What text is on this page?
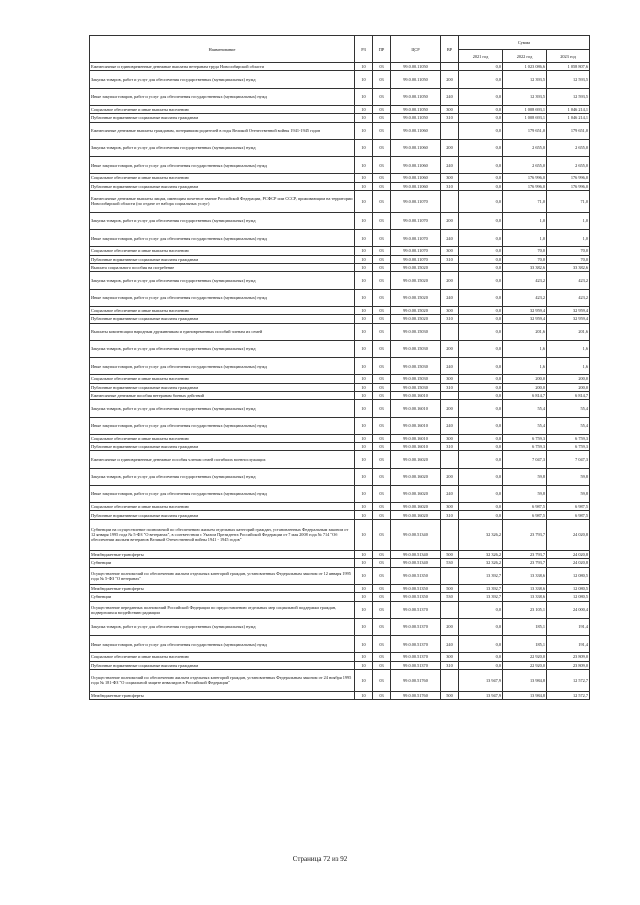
Наименование	РЗ	ПР	ЦСР	ВР	Сумма		
					2021 год	2022 год	2023 год
Ежемесячные и единовременные денежные выплаты ветеранам труда Новосибирской области	10	03	99.0.00.11050		0,0	1 023 086,6	1 058 807,6
Закупка товаров, работ и услуг для обеспечения государственных (муниципальных) нужд	10	03	99.0.00.11050	200	0,0	12 393,5	12 593,5
Иные закупки товаров, работ и услуг для обеспечения государственных (муниципальных) нужд	10	03	99.0.00.11050	240	0,0	12 393,5	12 593,5
Социальное обеспечение и иные выплаты населению	10	03	99.0.00.11050	300	0,0	1 008 693,1	1 046 214,1
Публичные нормативные социальные выплаты гражданам	10	03	99.0.00.11050	310	0,0	1 008 693,1	1 046 214,1
Ежемесячные денежные выплаты гражданам, потерявшим родителей в годы Великой Отечественной войны 1941-1945 годов	10	03	99.0.00.11060		0,0	179 651,0	179 651,0
Закупка товаров, работ и услуг для обеспечения государственных (муниципальных) нужд	10	03	99.0.00.11060	200	0,0	2 655,0	2 655,0
Иные закупки товаров, работ и услуг для обеспечения государственных (муниципальных) нужд	10	03	99.0.00.11060	240	0,0	2 655,0	2 655,0
Социальное обеспечение и иные выплаты населению	10	03	99.0.00.11060	300	0,0	176 996,0	176 996,0
Публичные нормативные социальные выплаты гражданам	10	03	99.0.00.11060	310	0,0	176 996,0	176 996,0
Ежемесячные денежные выплаты лицам, имеющим почетное звание Российской Федерации, РСФСР или СССР, проживающим на территории Новосибирской области (по отдаче от набора социальных услуг)	10	03	99.0.00.11070		0,0	71,0	71,0
Закупка товаров, работ и услуг для обеспечения государственных (муниципальных) нужд	10	03	99.0.00.11070	200	0,0	1,0	1,0
Иные закупки товаров, работ и услуг для обеспечения государственных (муниципальных) нужд	10	03	99.0.00.11070	240	0,0	1,0	1,0
Социальное обеспечение и иные выплаты населению	10	03	99.0.00.11070	300	0,0	70,0	70,0
Публичные нормативные социальные выплаты гражданам	10	03	99.0.00.11070	310	0,0	70,0	70,0
Выплата социального пособия на погребение	10	03	99.0.00.15020		0,0	33 382,6	33 382,6
Закупка товаров, работ и услуг для обеспечения государственных (муниципальных) нужд	10	03	99.0.00.15020	200	0,0	423,2	423,2
Иные закупки товаров, работ и услуг для обеспечения государственных (муниципальных) нужд	10	03	99.0.00.15020	240	0,0	423,2	423,2
Социальное обеспечение и иные выплаты населению	10	03	99.0.00.15020	300	0,0	32 959,4	32 959,4
Публичные нормативные социальные выплаты гражданам	10	03	99.0.00.15020	310	0,0	32 959,4	32 959,4
Выплаты компенсации народным дружинникам и единовременных пособий членам их семей	10	03	99.0.00.15030		0,0	201,6	201,6
Закупка товаров, работ и услуг для обеспечения государственных (муниципальных) нужд	10	03	99.0.00.15030	200	0,0	1,6	1,6
Иные закупки товаров, работ и услуг для обеспечения государственных (муниципальных) нужд	10	03	99.0.00.15030	240	0,0	1,6	1,6
Социальное обеспечение и иные выплаты населению	10	03	99.0.00.15030	300	0,0	200,0	200,0
Публичные нормативные социальные выплаты гражданам	10	03	99.0.00.15030	310	0,0	200,0	200,0
Ежемесячные денежные пособия ветеранам боевых действий	10	03	99.0.00.16010		0,0	6 814,7	6 814,7
Закупка товаров, работ и услуг для обеспечения государственных (муниципальных) нужд	10	03	99.0.00.16010	200	0,0	55,4	55,4
Иные закупки товаров, работ и услуг для обеспечения государственных (муниципальных) нужд	10	03	99.0.00.16010	240	0,0	55,4	55,4
Социальное обеспечение и иные выплаты населению	10	03	99.0.00.16010	300	0,0	6 759,3	6 759,3
Публичные нормативные социальные выплаты гражданам	10	03	99.0.00.16010	310	0,0	6 759,3	6 759,3
Ежемесячные и единовременные денежные пособия членам семей погибших военнослужащих	10	03	99.0.00.16020		0,0	7 047,3	7 047,3
Закупка товаров, работ и услуг для обеспечения государственных (муниципальных) нужд	10	03	99.0.00.16020	200	0,0	59,8	59,8
Иные закупки товаров, работ и услуг для обеспечения государственных (муниципальных) нужд	10	03	99.0.00.16020	240	0,0	59,8	59,8
Социальное обеспечение и иные выплаты населению	10	03	99.0.00.16020	300	0,0	6 987,5	6 987,5
Публичные нормативные социальные выплаты гражданам	10	03	99.0.00.16020	310	0,0	6 987,5	6 987,5
Субвенции на осуществление полномочий по обеспечению жильем отдельных категорий граждан, установленных Федеральным законом от 12 января 1995 года № 5-ФЗ "О ветеранах", в соответствии с Указом Президента Российской Федерации от 7 мая 2008 года № 714 "Об обеспечении жильем ветеранов Великой Отечественной войны 1941 - 1945 годов"	10	03	99.0.00.51340		32 326,2	23 793,7	24 020,8
Межбюджетные трансферты	10	03	99.0.00.51340	500	32 326,2	23 793,7	24 020,8
Субвенции	10	03	99.0.00.51340	530	32 326,2	23 793,7	24 020,8
Осуществление полномочий по обеспечению жильем отдельных категорий граждан, установленных Федеральным законом от 12 января 1995 года № 5-ФЗ "О ветеранах"	10	03	99.0.00.51350		13 392,7	13 338,6	12 080,5
Межбюджетные трансферты	10	03	99.0.00.51350	500	13 392,7	13 338,6	12 080,5
Субвенции	10	03	99.0.00.51350	530	13 392,7	13 338,6	12 080,5
Осуществление переданных полномочий Российской Федерации по предоставлению отдельных мер социальной поддержки граждан, подвергшихся воздействию радиации	10	03	99.0.00.51370		0,0	23 105,1	24 000,4
Закупка товаров, работ и услуг для обеспечения государственных (муниципальных) нужд	10	03	99.0.00.51370	200	0,0	185,1	191,4
Иные закупки товаров, работ и услуг для обеспечения государственных (муниципальных) нужд	10	03	99.0.00.51370	240	0,0	185,1	191,4
Социальное обеспечение и иные выплаты населению	10	03	99.0.00.51370	300	0,0	22 920,0	23 809,0
Публичные нормативные социальные выплаты гражданам	10	03	99.0.00.51370	310	0,0	22 920,0	23 809,0
Осуществление полномочий по обеспечению жильем отдельных категорий граждан, установленных Федеральным законом от 24 ноября 1995 года № 181-ФЗ "О социальной защите инвалидов в Российской Федерации"	10	03	99.0.00.51760		13 947,9	13 984,8	12 572,7
Межбюджетные трансферты	10	03	99.0.00.51760	500	13 947,9	13 984,8	12 572,7
Страница 72 из 92
